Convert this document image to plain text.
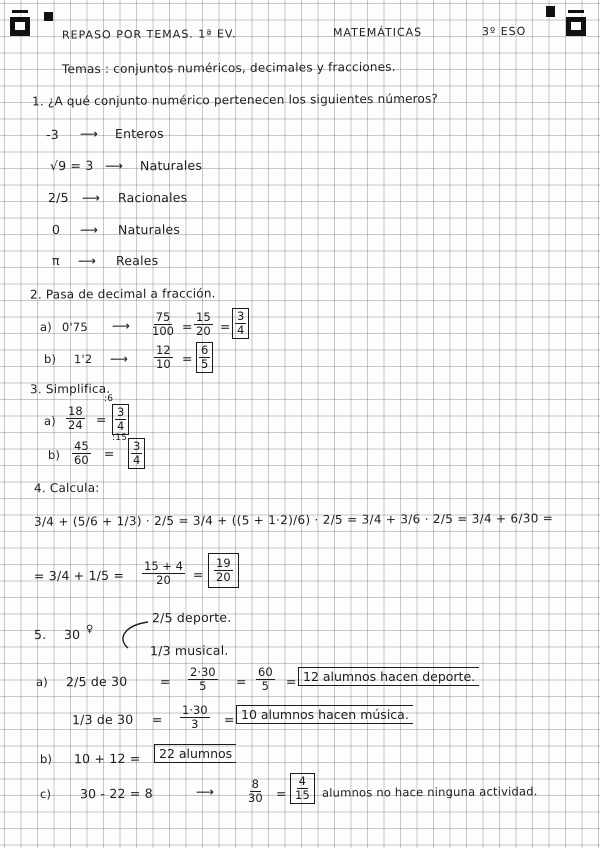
REPASO POR TEMAS. 1ª EV.	MATEMÁTICAS	3º ESO
Temas : conjuntos numéricos, decimales y fracciones.
1. ¿A qué conjunto numérico pertenecen los siguientes números?
-3 ⟶ Enteros
√9 = 3 ⟶ Naturales
2/5 ⟶ Racionales
0 ⟶ Naturales
π ⟶ Reales
2. Pasa de decimal a fracción.
a) 0'75 ⟶ $\frac{75}{100} = \frac{15}{20} = \frac{3}{4}$
b) 1'2 ⟶ $\frac{12}{10} = \frac{6}{5}$
3. Simplifica.
$a) \frac{18}{24}$ =
:6
$\frac{3}{4}$
$b) \frac{45}{60}$ =
:15 $\frac{3}{4}$
4. Calcula:
3/4 + (5/6 + 1/3) · 2/5 = 3/4 + ((5 + 1·2)/6) · 2/5 = 3/4 + 3/6 · 2/5 = 3/4 + 6/30 =
= $3/4 + 1/5 = \frac{15 + 4}{20} = \frac{19}{20}$
5. 30 ♀
2/5 deporte.
1/3 musical.
a) 2/5 de 30	= $\frac{2\cdot 30}{5} = \frac{60}{5} = 12$ alumnos hacen deporte.
1/3 de $30 = \frac{1\cdot 30}{3} = 10$ alumnos hacen música.
b) 10 + 12 =	22 alumnos
c) 30 - 22 = 8	⟶	$\frac{8}{30} = \frac{4}{15}$ alumnos no hace ninguna actividad.
